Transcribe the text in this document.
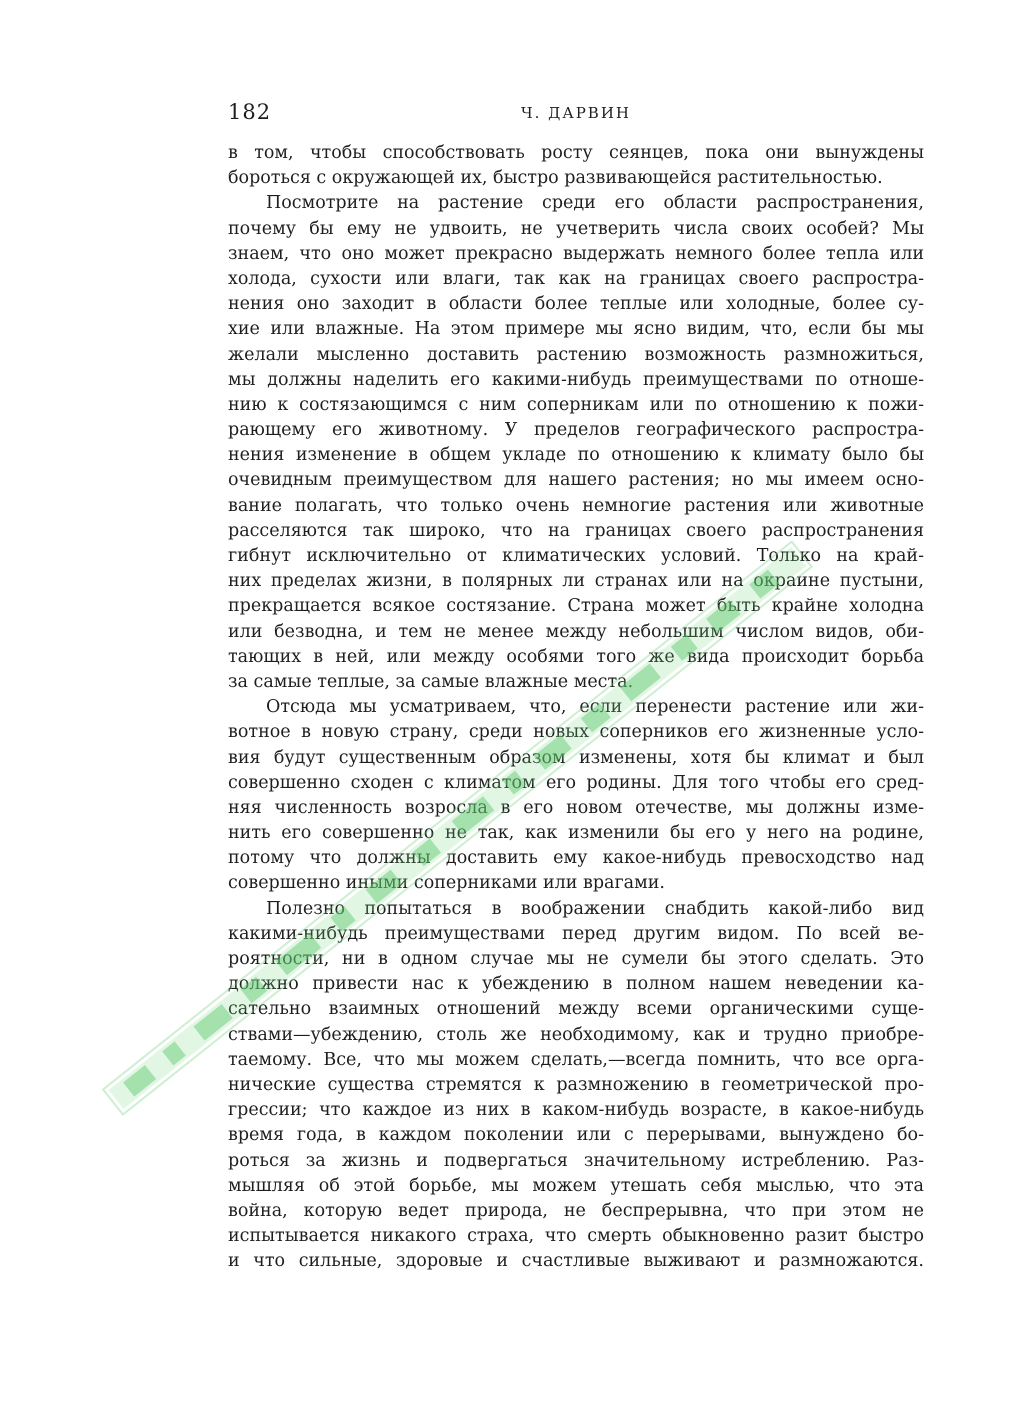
182	Ч. ДАРВИН
в том, чтобы способствовать росту сеянцев, пока они вынуждены
бороться с окружающей их, быстро развивающейся растительностью.
Посмотрите на растение среди его области распространения,
почему бы ему не удвоить, не учетверить числа своих особей? Мы
знаем, что оно может прекрасно выдержать немного более тепла или
холода, сухости или влаги, так как на границах своего распростра-
нения оно заходит в области более теплые или холодные, более су-
хие или влажные. На этом примере мы ясно видим, что, если бы мы
желали мысленно доставить растению возможность размножиться,
мы должны наделить его какими-нибудь преимуществами по отноше-
нию к состязающимся с ним соперникам или по отношению к пожи-
рающему его животному. У пределов географического распростра-
нения изменение в общем укладе по отношению к климату было бы
очевидным преимуществом для нашего растения; но мы имеем осно-
вание полагать, что только очень немногие растения или животные
расселяются так широко, что на границах своего распространения
гибнут исключительно от климатических условий. Только на край-
них пределах жизни, в полярных ли странах или на окраине пустыни,
прекращается всякое состязание. Страна может быть крайне холодна
или безводна, и тем не менее между небольшим числом видов, оби-
тающих в ней, или между особями того же вида происходит борьба
за самые теплые, за самые влажные места.
Отсюда мы усматриваем, что, если перенести растение или жи-
вотное в новую страну, среди новых соперников его жизненные усло-
вия будут существенным образом изменены, хотя бы климат и был
совершенно сходен с климатом его родины. Для того чтобы его сред-
няя численность возросла в его новом отечестве, мы должны изме-
нить его совершенно не так, как изменили бы его у него на родине,
потому что должны доставить ему какое-нибудь превосходство над
совершенно иными соперниками или врагами.
Полезно попытаться в воображении снабдить какой-либо вид
какими-нибудь преимуществами перед другим видом. По всей ве-
роятности, ни в одном случае мы не сумели бы этого сделать. Это
должно привести нас к убеждению в полном нашем неведении ка-
сательно взаимных отношений между всеми органическими суще-
ствами—убеждению, столь же необходимому, как и трудно приобре-
таемому. Все, что мы можем сделать,—всегда помнить, что все орга-
нические существа стремятся к размножению в геометрической про-
грессии; что каждое из них в каком-нибудь возрасте, в какое-нибудь
время года, в каждом поколении или с перерывами, вынуждено бо-
роться за жизнь и подвергаться значительному истреблению. Раз-
мышляя об этой борьбе, мы можем утешать себя мыслью, что эта
война, которую ведет природа, не беспрерывна, что при этом не
испытывается никакого страха, что смерть обыкновенно разит быстро
и что сильные, здоровые и счастливые выживают и размножаются.
